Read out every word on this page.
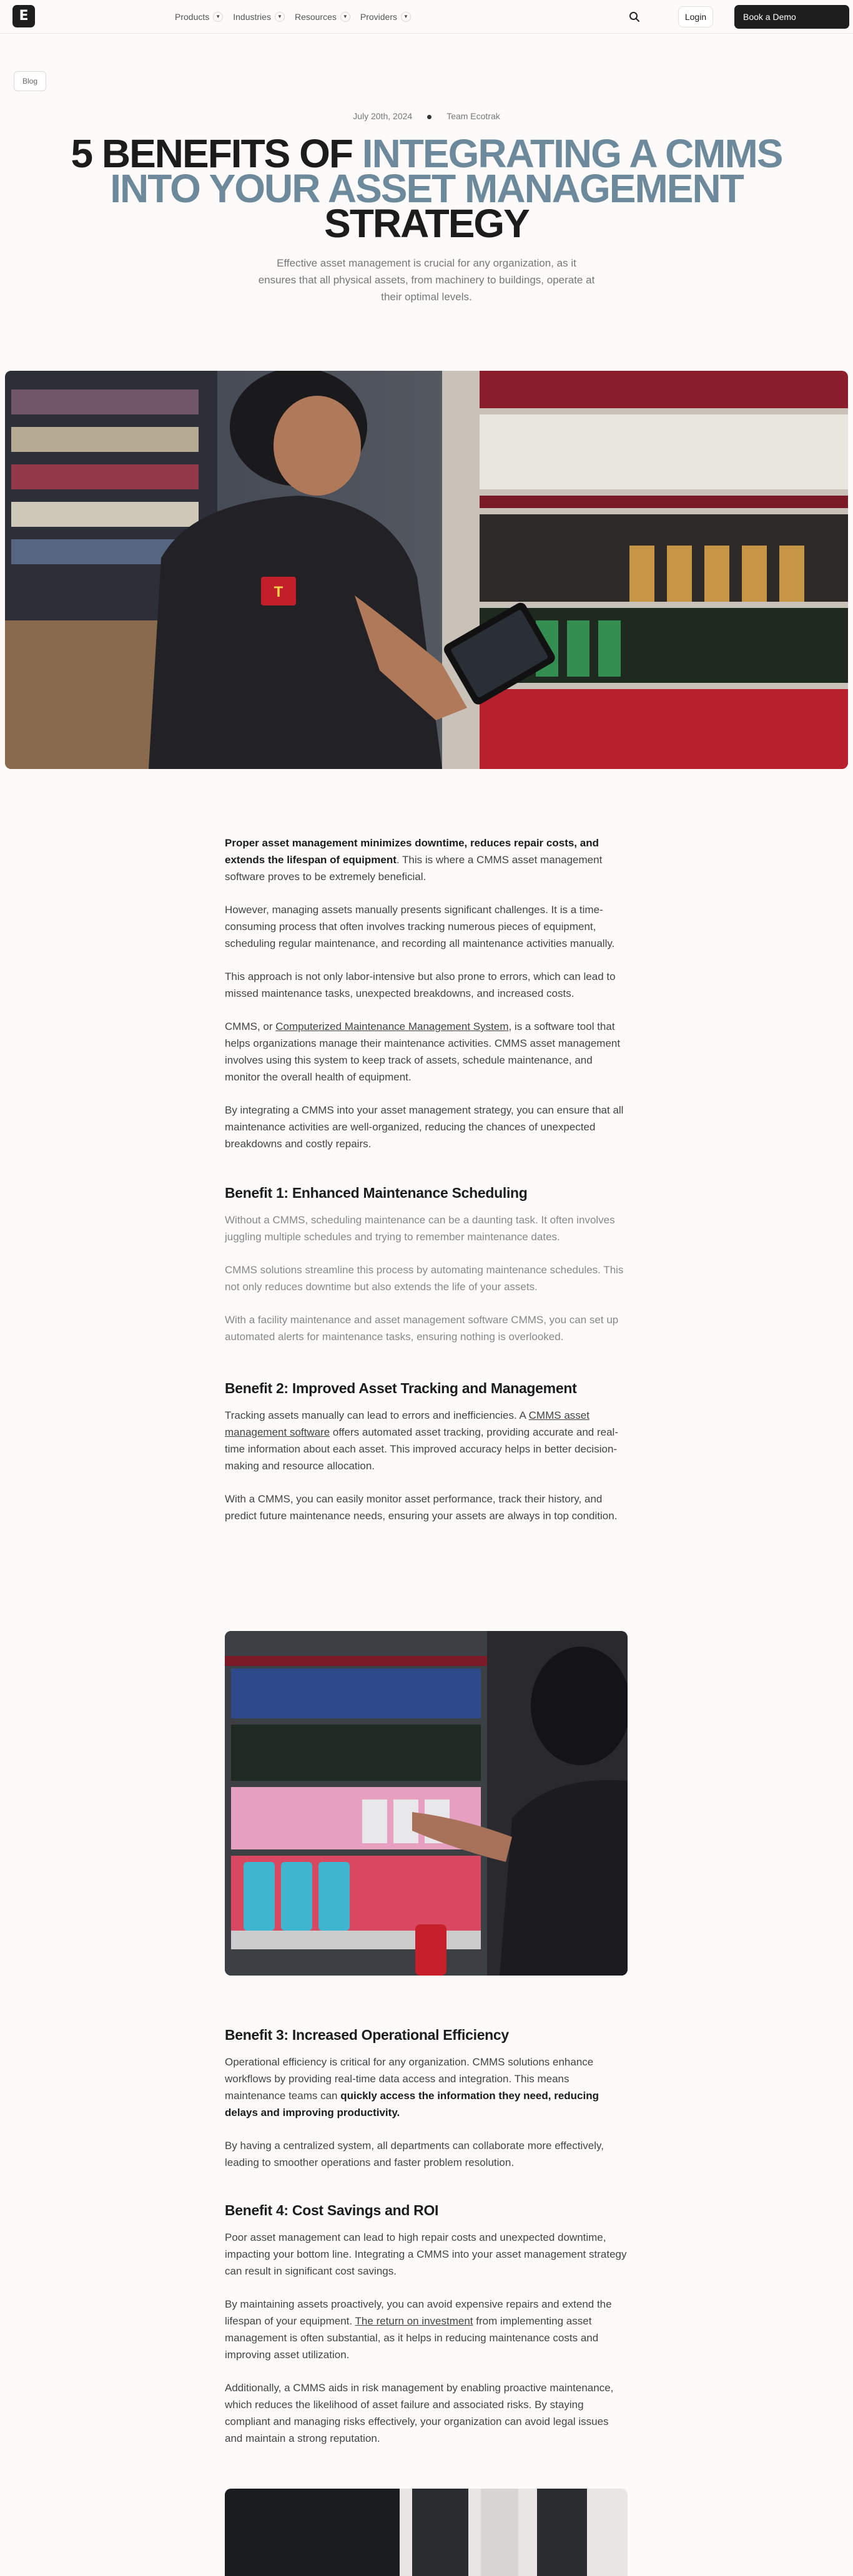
E	Products	▼ Industries	▼ Resources	▼ Providers	▼	Login	Book a Demo
Blog
July 20th, 2024	Team Ecotrak
5 BENEFITS OF INTEGRATING A CMMS INTO YOUR ASSET MANAGEMENT
STRATEGY

Effective asset management is crucial for any organization, as it ensures that all physical assets, from machinery to buildings, operate at their optimal levels.

T

Proper asset management minimizes downtime, reduces repair costs, and extends the lifespan of equipment. This is where a CMMS asset management software proves to be extremely beneficial.

However, managing assets manually presents significant challenges. It is a time-consuming process that often involves tracking numerous pieces of equipment, scheduling regular maintenance, and recording all maintenance activities manually.

This approach is not only labor-intensive but also prone to errors, which can lead to missed maintenance tasks, unexpected breakdowns, and increased costs.

CMMS, or Computerized Maintenance Management System, is a software tool that helps organizations manage their maintenance activities. CMMS asset management involves using this system to keep track of assets, schedule maintenance, and monitor the overall health of equipment.

By integrating a CMMS into your asset management strategy, you can ensure that all maintenance activities are well-organized, reducing the chances of unexpected breakdowns and costly repairs.

Benefit 1: Enhanced Maintenance Scheduling

Without a CMMS, scheduling maintenance can be a daunting task. It often involves juggling multiple schedules and trying to remember maintenance dates.

CMMS solutions streamline this process by automating maintenance schedules. This not only reduces downtime but also extends the life of your assets.

With a facility maintenance and asset management software CMMS, you can set up automated alerts for maintenance tasks, ensuring nothing is overlooked.

Benefit 2: Improved Asset Tracking and Management

Tracking assets manually can lead to errors and inefficiencies. A CMMS asset management software offers automated asset tracking, providing accurate and real-time information about each asset. This improved accuracy helps in better decision-making and resource allocation.

With a CMMS, you can easily monitor asset performance, track their history, and predict future maintenance needs, ensuring your assets are always in top condition.

Benefit 3: Increased Operational Efficiency

Operational efficiency is critical for any organization. CMMS solutions enhance workflows by providing real-time data access and integration. This means maintenance teams can quickly access the information they need, reducing delays and improving productivity.

By having a centralized system, all departments can collaborate more effectively, leading to smoother operations and faster problem resolution.

Benefit 4: Cost Savings and ROI

Poor asset management can lead to high repair costs and unexpected downtime, impacting your bottom line. Integrating a CMMS into your asset management strategy can result in significant cost savings.

By maintaining assets proactively, you can avoid expensive repairs and extend the lifespan of your equipment. The return on investment from implementing asset management is often substantial, as it helps in reducing maintenance costs and improving asset utilization.

Additionally, a CMMS aids in risk management by enabling proactive maintenance, which reduces the likelihood of asset failure and associated risks. By staying compliant and managing risks effectively, your organization can avoid legal issues and maintain a strong reputation.
